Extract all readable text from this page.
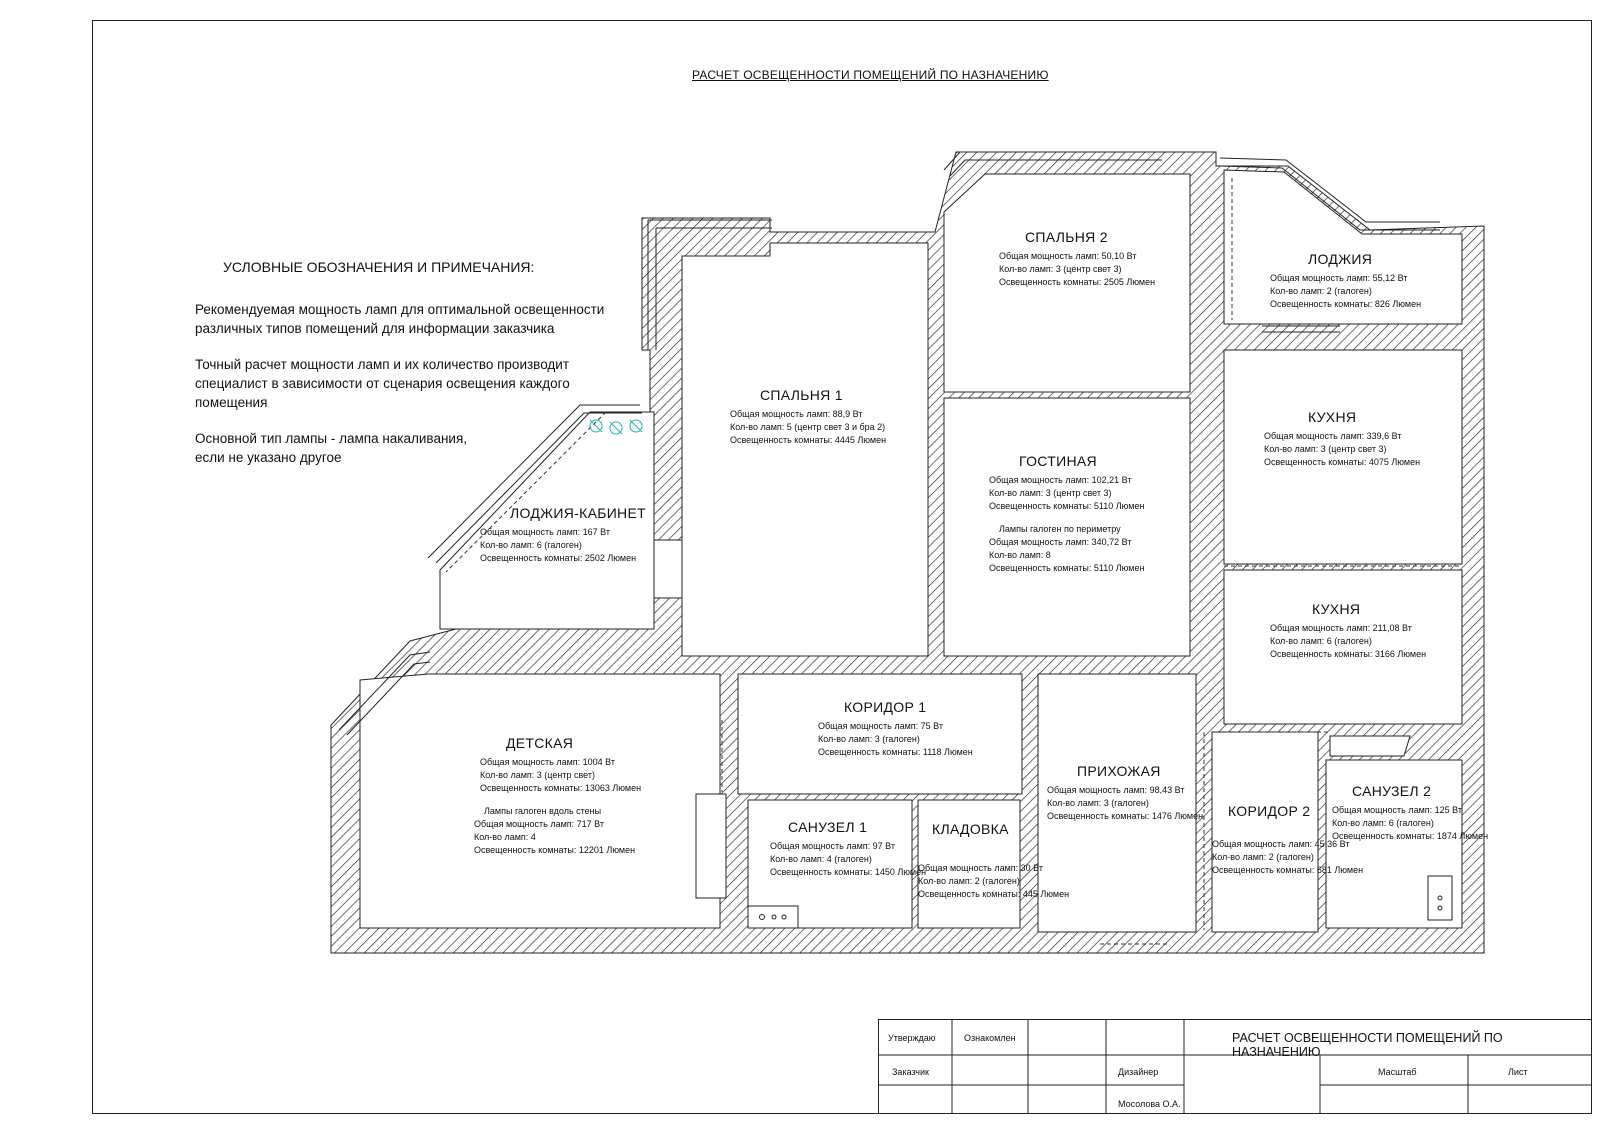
РАСЧЕТ ОСВЕЩЕННОСТИ ПОМЕЩЕНИЙ ПО НАЗНАЧЕНИЮ
УСЛОВНЫЕ ОБОЗНАЧЕНИЯ И ПРИМЕЧАНИЯ:

Рекомендуемая мощность ламп для оптимальной освещенности

различных типов помещений для информации заказчика

Точный расчет мощности ламп и их количество производит

специалист в зависимости от сценария освещения каждого

помещения

Основной тип лампы - лампа накаливания,

если не указано другое

СПАЛЬНЯ 1
Общая мощность ламп: 88,9 Вт
Кол-во ламп: 5 (центр свет 3 и бра 2)
Освещенность комнаты: 4445 Люмен
СПАЛЬНЯ 2
Общая мощность ламп: 50,10 Вт
Кол-во ламп: 3 (центр свет 3)
Освещенность комнаты: 2505 Люмен
ЛОДЖИЯ
Общая мощность ламп: 55,12 Вт
Кол-во ламп: 2 (галоген)
Освещенность комнаты: 826 Люмен
ГОСТИНАЯ
Общая мощность ламп: 102,21 Вт
Кол-во ламп: 3 (центр свет 3)
Освещенность комнаты: 5110 Люмен
Лампы галоген по периметру
Общая мощность ламп: 340,72 Вт
Кол-во ламп: 8
Освещенность комнаты: 5110 Люмен
КУХНЯ
Общая мощность ламп: 339,6 Вт
Кол-во ламп: 3 (центр свет 3)
Освещенность комнаты: 4075 Люмен
КУХНЯ
Общая мощность ламп: 211,08 Вт
Кол-во ламп: 6 (галоген)
Освещенность комнаты: 3166 Люмен
ЛОДЖИЯ-КАБИНЕТ
Общая мощность ламп: 167 Вт
Кол-во ламп: 6 (галоген)
Освещенность комнаты: 2502 Люмен
ДЕТСКАЯ
Общая мощность ламп: 1004 Вт
Кол-во ламп: 3 (центр свет)
Освещенность комнаты: 13063 Люмен
Лампы галоген вдоль стены
Общая мощность ламп: 717 Вт
Кол-во ламп: 4
Освещенность комнаты: 12201 Люмен
КОРИДОР 1
Общая мощность ламп: 75 Вт
Кол-во ламп: 3 (галоген)
Освещенность комнаты: 1118 Люмен
ПРИХОЖАЯ
Общая мощность ламп: 98,43 Вт
Кол-во ламп: 3 (галоген)
Освещенность комнаты: 1476 Люмен
САНУЗЕЛ 1
Общая мощность ламп: 97 Вт
Кол-во ламп: 4 (галоген)
Освещенность комнаты: 1450 Люмен
КЛАДОВКА
Общая мощность ламп: 30 Вт
Кол-во ламп: 2 (галоген)
Освещенность комнаты: 445 Люмен
КОРИДОР 2
Общая мощность ламп: 45,36 Вт
Кол-во ламп: 2 (галоген)
Освещенность комнаты: 681 Люмен
САНУЗЕЛ 2
Общая мощность ламп: 125 Вт
Кол-во ламп: 6 (галоген)
Освещенность комнаты: 1874 Люмен
Утверждаю	Ознакомлен
Заказчик	Дизайнер
Мосолова О.А.
РАСЧЕТ ОСВЕЩЕННОСТИ ПОМЕЩЕНИЙ ПО НАЗНАЧЕНИЮ
Масштаб	Лист
